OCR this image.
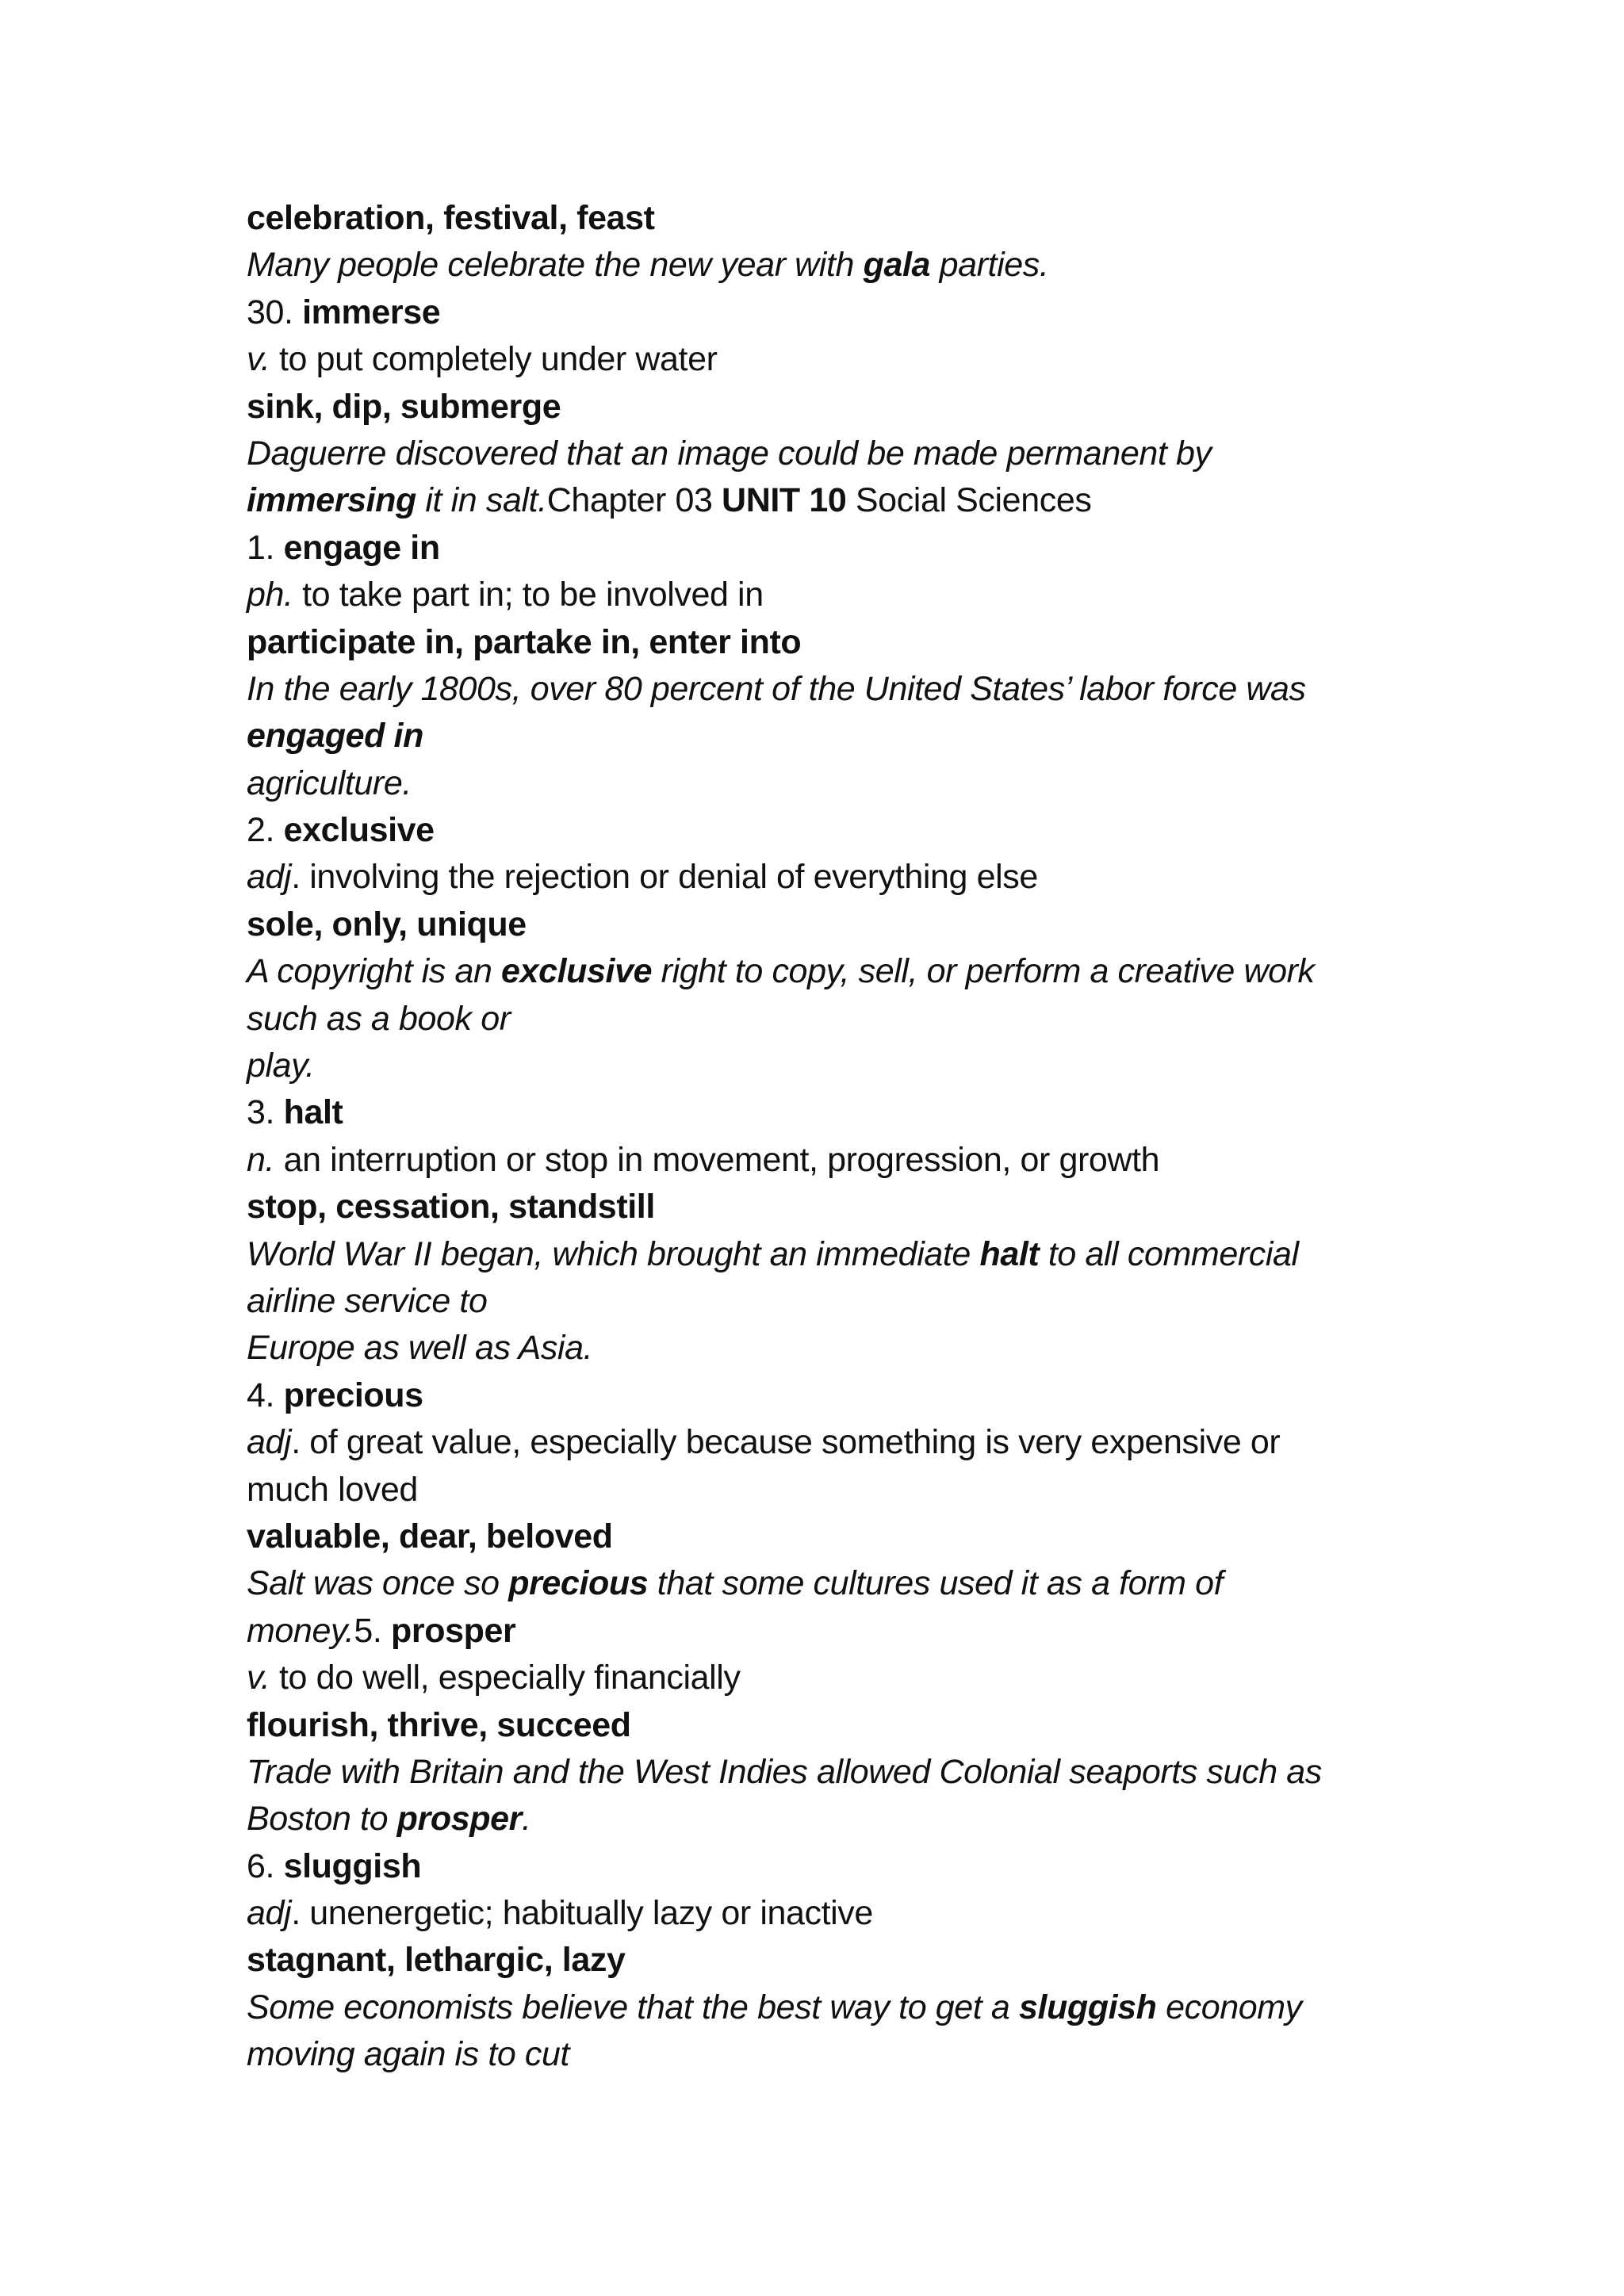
celebration, festival, feast
Many people celebrate the new year with gala parties.
30. immerse
v. to put completely under water
sink, dip, submerge
Daguerre discovered that an image could be made permanent by
immersing it in salt.Chapter 03 UNIT 10 Social Sciences
1. engage in
ph. to take part in; to be involved in
participate in, partake in, enter into
In the early 1800s, over 80 percent of the United States’ labor force was
engaged in
agriculture.
2. exclusive
adj. involving the rejection or denial of everything else
sole, only, unique
A copyright is an exclusive right to copy, sell, or perform a creative work
such as a book or
play.
3. halt
n. an interruption or stop in movement, progression, or growth
stop, cessation, standstill
World War II began, which brought an immediate halt to all commercial
airline service to
Europe as well as Asia.
4. precious
adj. of great value, especially because something is very expensive or
much loved
valuable, dear, beloved
Salt was once so precious that some cultures used it as a form of
money.5. prosper
v. to do well, especially financially
flourish, thrive, succeed
Trade with Britain and the West Indies allowed Colonial seaports such as
Boston to prosper.
6. sluggish
adj. unenergetic; habitually lazy or inactive
stagnant, lethargic, lazy
Some economists believe that the best way to get a sluggish economy
moving again is to cut
